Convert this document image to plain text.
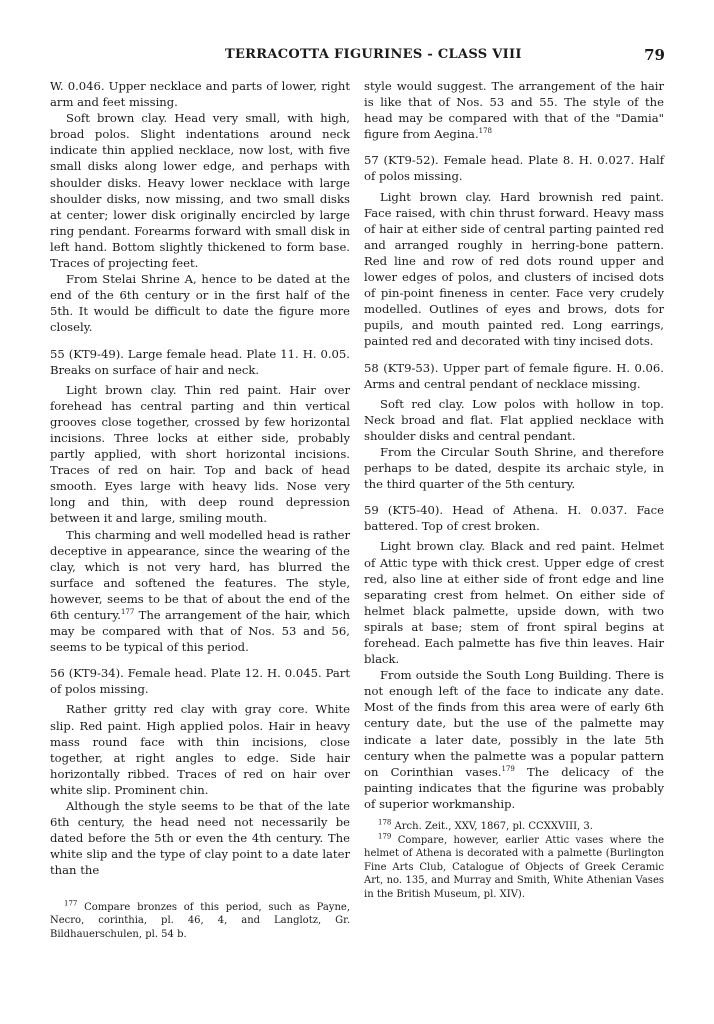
TERRACOTTA FIGURINES - CLASS VIII	79

W. 0.046. Upper necklace and parts of lower, right arm and feet missing.

Soft brown clay. Head very small, with high, broad polos. Slight indentations around neck indicate thin applied necklace, now lost, with five small disks along lower edge, and perhaps with shoulder disks. Heavy lower necklace with large shoulder disks, now missing, and two small disks at center; lower disk originally encircled by large ring pendant. Forearms forward with small disk in left hand. Bottom slightly thickened to form base. Traces of projecting feet.

From Stelai Shrine A, hence to be dated at the end of the 6th century or in the first half of the 5th. It would be difficult to date the figure more closely.

55 (KT9-49). Large female head. Plate 11. H. 0.05. Breaks on surface of hair and neck.

Light brown clay. Thin red paint. Hair over forehead has central parting and thin vertical grooves close together, crossed by few horizontal incisions. Three locks at either side, probably partly applied, with short horizontal incisions. Traces of red on hair. Top and back of head smooth. Eyes large with heavy lids. Nose very long and thin, with deep round depression between it and large, smiling mouth.

This charming and well modelled head is rather deceptive in appearance, since the wearing of the clay, which is not very hard, has blurred the surface and softened the features. The style, however, seems to be that of about the end of the 6th century.$^{177}$ The arrangement of the hair, which may be compared with that of Nos. 53 and 56, seems to be typical of this period.

56 (KT9-34). Female head. Plate 12. H. 0.045. Part of polos missing.

Rather gritty red clay with gray core. White slip. Red paint. High applied polos. Hair in heavy mass round face with thin incisions, close together, at right angles to edge. Side hair horizontally ribbed. Traces of red on hair over white slip. Prominent chin.

Although the style seems to be that of the late 6th century, the head need not necessarily be dated before the 5th or even the 4th century. The white slip and the type of clay point to a date later than the

$^{177}$ Compare bronzes of this period, such as Payne, Necro, corinthia, pl. 46, 4, and Langlotz, Gr. Bildhauerschulen, pl. 54 b.

style would suggest. The arrangement of the hair is like that of Nos. 53 and 55. The style of the head may be compared with that of the "Damia" figure from Aegina.$^{178}$

57 (KT9-52). Female head. Plate 8. H. 0.027. Half of polos missing.

Light brown clay. Hard brownish red paint. Face raised, with chin thrust forward. Heavy mass of hair at either side of central parting painted red and arranged roughly in herring-bone pattern. Red line and row of red dots round upper and lower edges of polos, and clusters of incised dots of pin-point fineness in center. Face very crudely modelled. Outlines of eyes and brows, dots for pupils, and mouth painted red. Long earrings, painted red and decorated with tiny incised dots.

58 (KT9-53). Upper part of female figure. H. 0.06. Arms and central pendant of necklace missing.

Soft red clay. Low polos with hollow in top. Neck broad and flat. Flat applied necklace with shoulder disks and central pendant.

From the Circular South Shrine, and therefore perhaps to be dated, despite its archaic style, in the third quarter of the 5th century.

59 (KT5-40). Head of Athena. H. 0.037. Face battered. Top of crest broken.

Light brown clay. Black and red paint. Helmet of Attic type with thick crest. Upper edge of crest red, also line at either side of front edge and line separating crest from helmet. On either side of helmet black palmette, upside down, with two spirals at base; stem of front spiral begins at forehead. Each palmette has five thin leaves. Hair black.

From outside the South Long Building. There is not enough left of the face to indicate any date. Most of the finds from this area were of early 6th century date, but the use of the palmette may indicate a later date, possibly in the late 5th century when the palmette was a popular pattern on Corinthian vases.$^{179}$ The delicacy of the painting indicates that the figurine was probably of superior workmanship.

$^{178}$ Arch. Zeit., XXV, 1867, pl. CCXXVIII, 3.

$^{179}$ Compare, however, earlier Attic vases where the helmet of Athena is decorated with a palmette (Burlington Fine Arts Club, Catalogue of Objects of Greek Ceramic Art, no. 135, and Murray and Smith, White Athenian Vases in the British Museum, pl. XIV).
